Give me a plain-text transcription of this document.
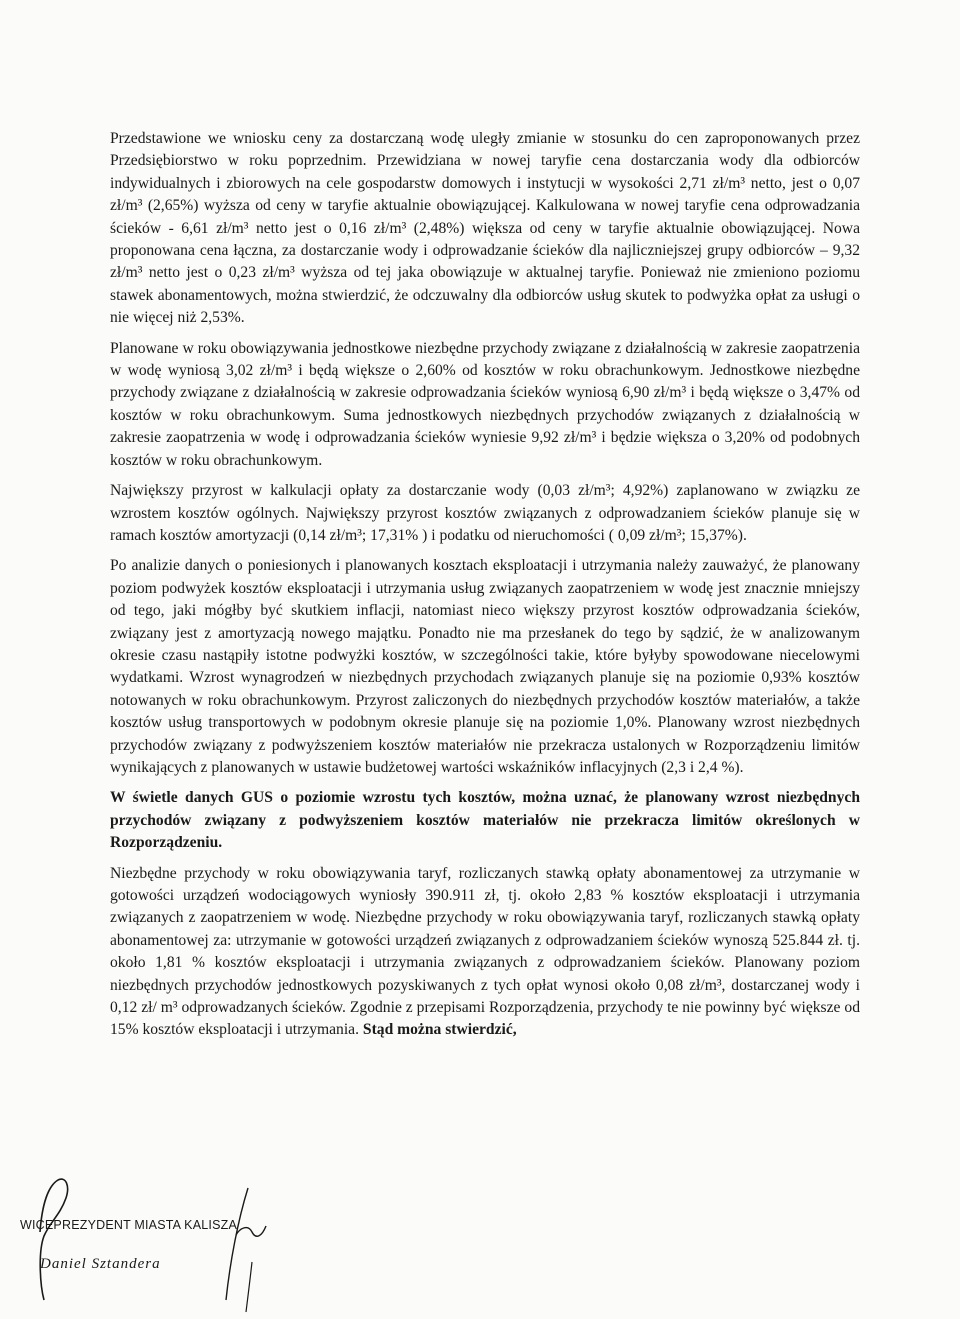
Przedstawione we wniosku ceny za dostarczaną wodę uległy zmianie w stosunku do cen zaproponowanych przez Przedsiębiorstwo w roku poprzednim. Przewidziana w nowej taryfie cena dostarczania wody dla odbiorców indywidualnych i zbiorowych na cele gospodarstw domowych i instytucji w wysokości 2,71 zł/m³ netto, jest o 0,07 zł/m³ (2,65%) wyższa od ceny w taryfie aktualnie obowiązującej. Kalkulowana w nowej taryfie cena odprowadzania ścieków - 6,61 zł/m³ netto jest o 0,16 zł/m³ (2,48%) większa od ceny w taryfie aktualnie obowiązującej. Nowa proponowana cena łączna, za dostarczanie wody i odprowadzanie ścieków dla najliczniejszej grupy odbiorców – 9,32 zł/m³ netto jest o 0,23 zł/m³ wyższa od tej jaka obowiązuje w aktualnej taryfie. Ponieważ nie zmieniono poziomu stawek abonamentowych, można stwierdzić, że odczuwalny dla odbiorców usług skutek to podwyżka opłat za usługi o nie więcej niż 2,53%.

Planowane w roku obowiązywania jednostkowe niezbędne przychody związane z działalnością w zakresie zaopatrzenia w wodę wyniosą 3,02 zł/m³ i będą większe o 2,60% od kosztów w roku obrachunkowym. Jednostkowe niezbędne przychody związane z działalnością w zakresie odprowadzania ścieków wyniosą 6,90 zł/m³ i będą większe o 3,47% od kosztów w roku obrachunkowym. Suma jednostkowych niezbędnych przychodów związanych z działalnością w zakresie zaopatrzenia w wodę i odprowadzania ścieków wyniesie 9,92 zł/m³ i będzie większa o 3,20% od podobnych kosztów w roku obrachunkowym.

Największy przyrost w kalkulacji opłaty za dostarczanie wody (0,03 zł/m³; 4,92%) zaplanowano w związku ze wzrostem kosztów ogólnych. Największy przyrost kosztów związanych z odprowadzaniem ścieków planuje się w ramach kosztów amortyzacji (0,14 zł/m³; 17,31% ) i podatku od nieruchomości ( 0,09 zł/m³; 15,37%).

Po analizie danych o poniesionych i planowanych kosztach eksploatacji i utrzymania należy zauważyć, że planowany poziom podwyżek kosztów eksploatacji i utrzymania usług związanych zaopatrzeniem w wodę jest znacznie mniejszy od tego, jaki mógłby być skutkiem inflacji, natomiast nieco większy przyrost kosztów odprowadzania ścieków, związany jest z amortyzacją nowego majątku. Ponadto nie ma przesłanek do tego by sądzić, że w analizowanym okresie czasu nastąpiły istotne podwyżki kosztów, w szczególności takie, które byłyby spowodowane niecelowymi wydatkami. Wzrost wynagrodzeń w niezbędnych przychodach związanych planuje się na poziomie 0,93% kosztów notowanych w roku obrachunkowym. Przyrost zaliczonych do niezbędnych przychodów kosztów materiałów, a także kosztów usług transportowych w podobnym okresie planuje się na poziomie 1,0%. Planowany wzrost niezbędnych przychodów związany z podwyższeniem kosztów materiałów nie przekracza ustalonych w Rozporządzeniu limitów wynikających z planowanych w ustawie budżetowej wartości wskaźników inflacyjnych (2,3 i 2,4 %).

W świetle danych GUS o poziomie wzrostu tych kosztów, można uznać, że planowany wzrost niezbędnych przychodów związany z podwyższeniem kosztów materiałów nie przekracza limitów określonych w Rozporządzeniu.

Niezbędne przychody w roku obowiązywania taryf, rozliczanych stawką opłaty abonamentowej za utrzymanie w gotowości urządzeń wodociągowych wyniosły 390.911 zł, tj. około 2,83 % kosztów eksploatacji i utrzymania związanych z zaopatrzeniem w wodę. Niezbędne przychody w roku obowiązywania taryf, rozliczanych stawką opłaty abonamentowej za: utrzymanie w gotowości urządzeń związanych z odprowadzaniem ścieków wynoszą 525.844 zł. tj. około 1,81 % kosztów eksploatacji i utrzymania związanych z odprowadzaniem ścieków. Planowany poziom niezbędnych przychodów jednostkowych pozyskiwanych z tych opłat wynosi około 0,08 zł/m³, dostarczanej wody i 0,12 zł/ m³ odprowadzanych ścieków. Zgodnie z przepisami Rozporządzenia, przychody te nie powinny być większe od 15% kosztów eksploatacji i utrzymania. Stąd można stwierdzić,

WICEPREZYDENT MIASTA KALISZA
Daniel Sztandera
